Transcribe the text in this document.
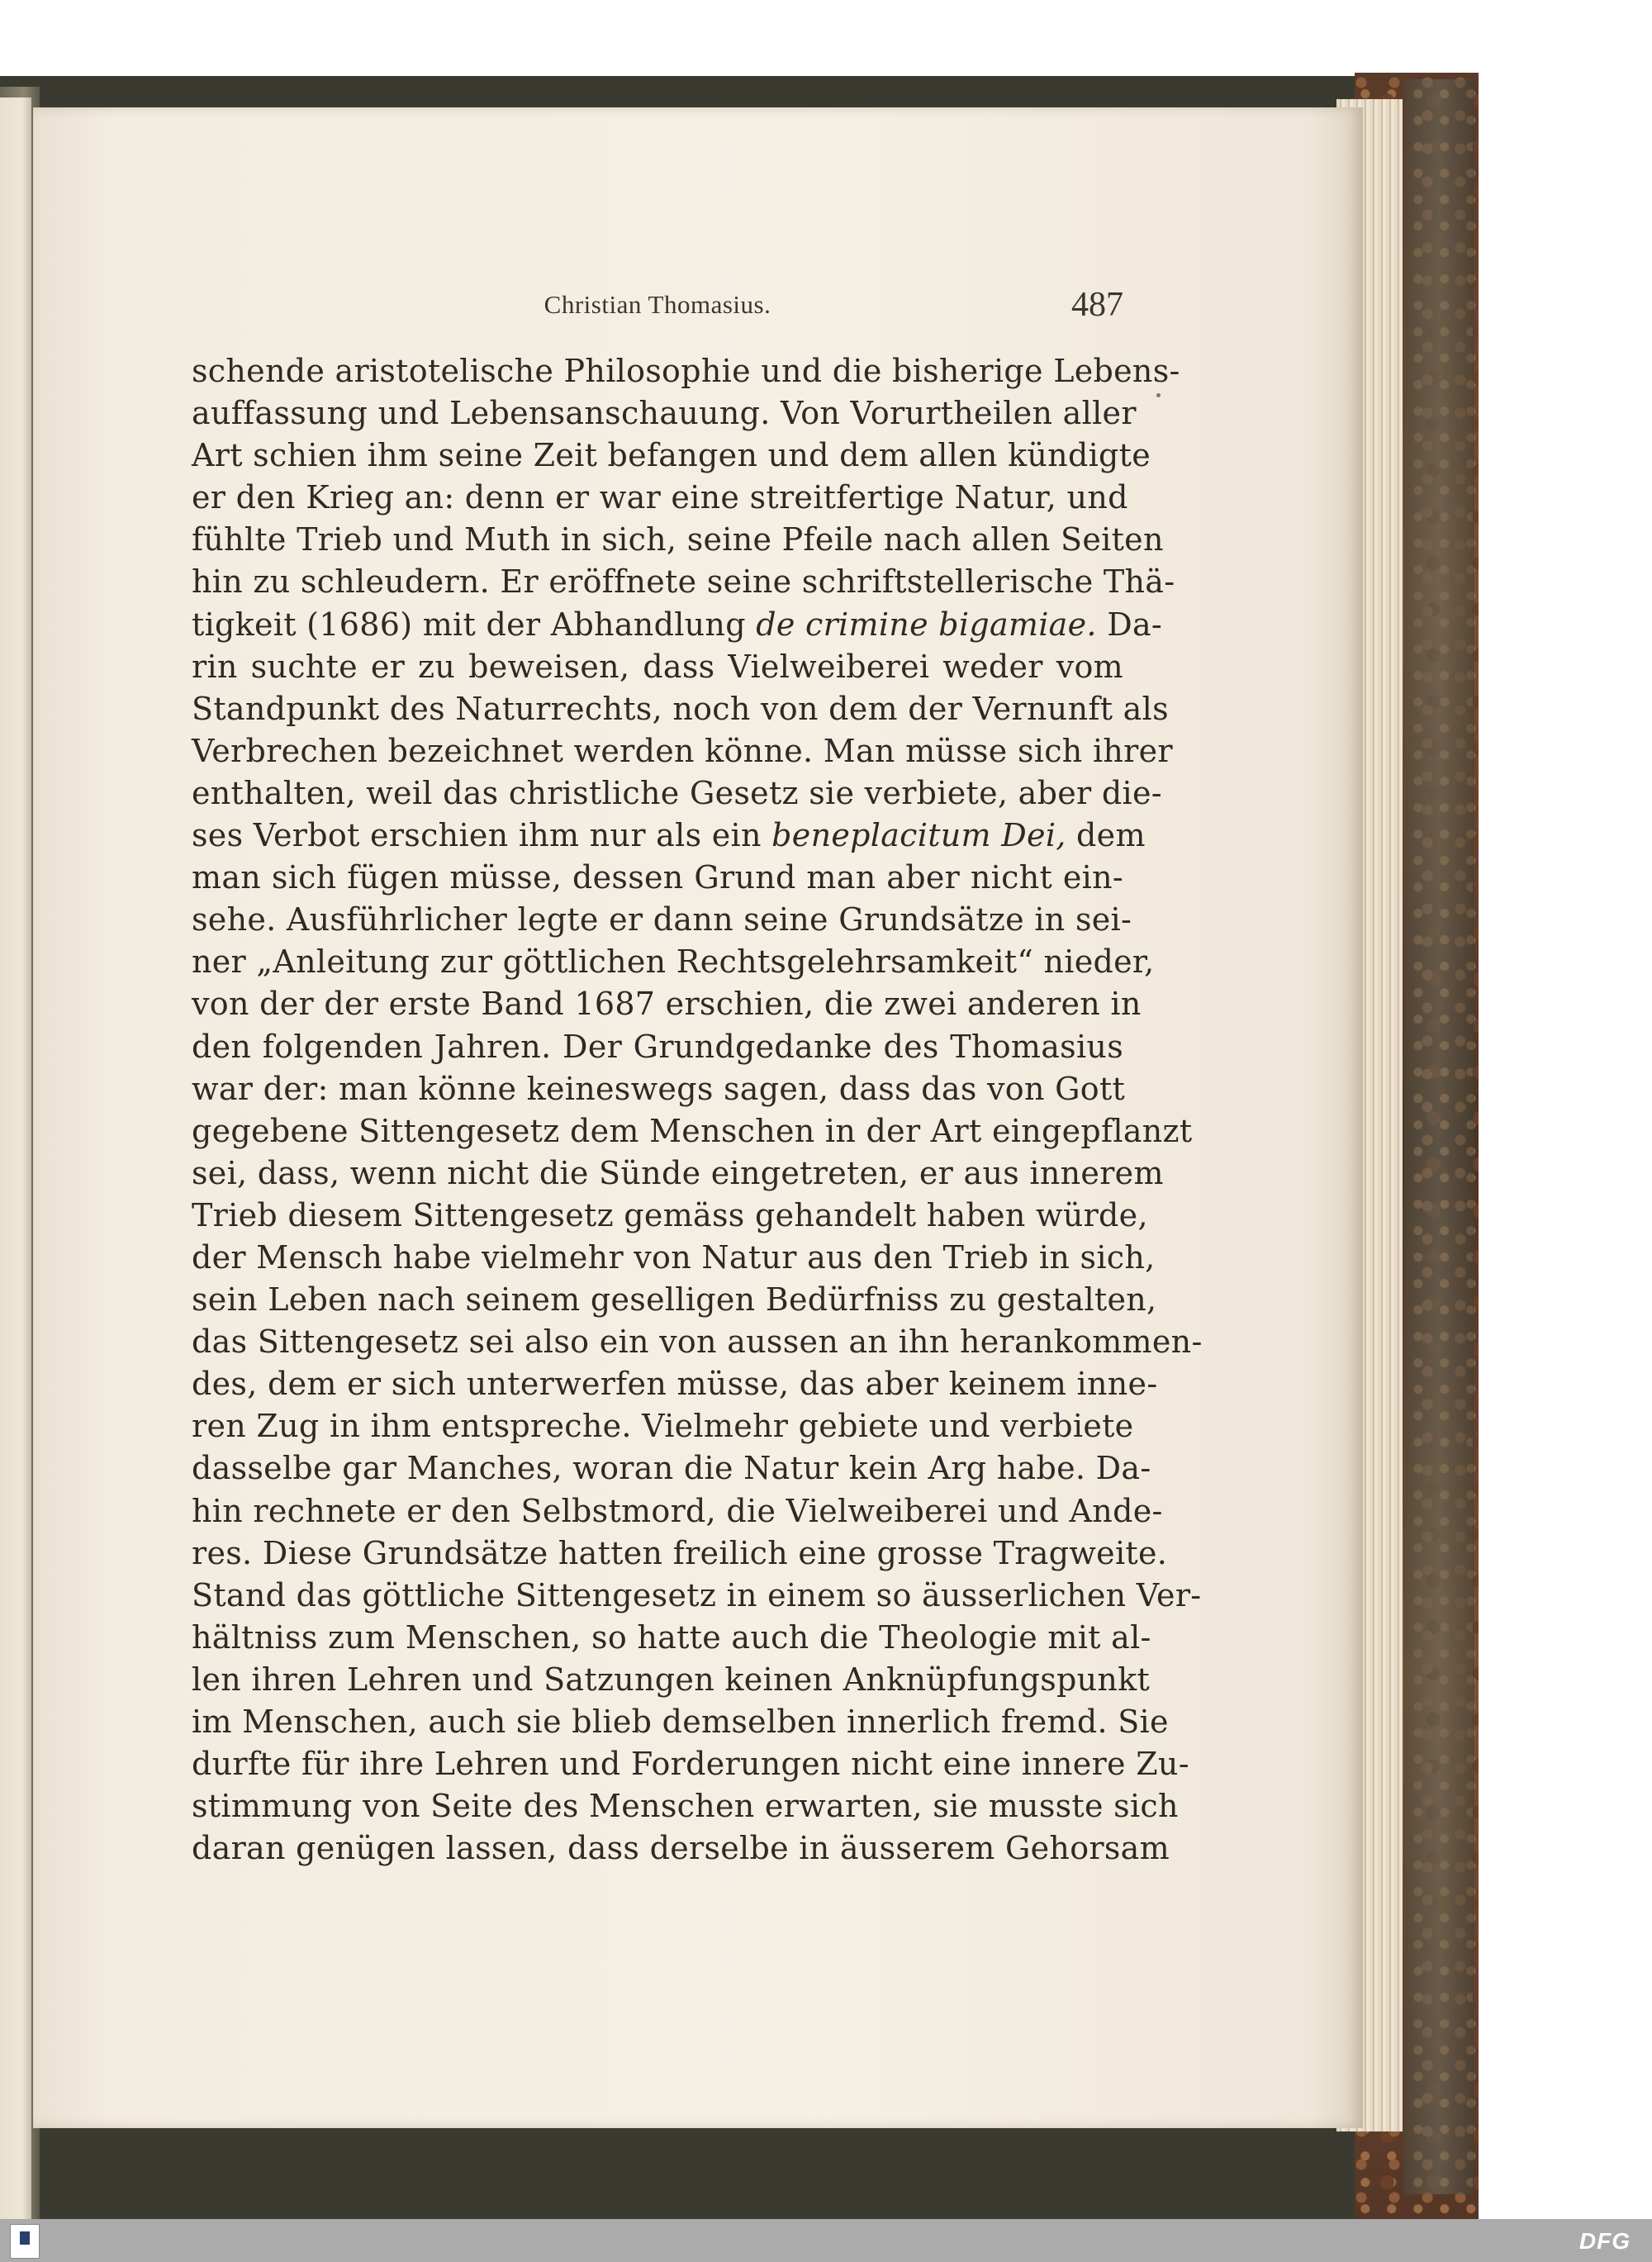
Christian Thomasius.	487
schende aristotelische Philosophie und die bisherige Lebens-
auffassung und Lebensanschauung. Von Vorurtheilen aller
Art schien ihm seine Zeit befangen und dem allen kündigte
er den Krieg an: denn er war eine streitfertige Natur, und
fühlte Trieb und Muth in sich, seine Pfeile nach allen Seiten
hin zu schleudern. Er eröffnete seine schriftstellerische Thä-
tigkeit (1686) mit der Abhandlung de crimine bigamiae. Da-
rin suchte er zu beweisen, dass Vielweiberei weder vom
Standpunkt des Naturrechts, noch von dem der Vernunft als
Verbrechen bezeichnet werden könne. Man müsse sich ihrer
enthalten, weil das christliche Gesetz sie verbiete, aber die-
ses Verbot erschien ihm nur als ein beneplacitum Dei, dem
man sich fügen müsse, dessen Grund man aber nicht ein-
sehe. Ausführlicher legte er dann seine Grundsätze in sei-
ner „Anleitung zur göttlichen Rechtsgelehrsamkeit“ nieder,
von der der erste Band 1687 erschien, die zwei anderen in
den folgenden Jahren. Der Grundgedanke des Thomasius
war der: man könne keineswegs sagen, dass das von Gott
gegebene Sittengesetz dem Menschen in der Art eingepflanzt
sei, dass, wenn nicht die Sünde eingetreten, er aus innerem
Trieb diesem Sittengesetz gemäss gehandelt haben würde,
der Mensch habe vielmehr von Natur aus den Trieb in sich,
sein Leben nach seinem geselligen Bedürfniss zu gestalten,
das Sittengesetz sei also ein von aussen an ihn herankommen-
des, dem er sich unterwerfen müsse, das aber keinem inne-
ren Zug in ihm entspreche. Vielmehr gebiete und verbiete
dasselbe gar Manches, woran die Natur kein Arg habe. Da-
hin rechnete er den Selbstmord, die Vielweiberei und Ande-
res. Diese Grundsätze hatten freilich eine grosse Tragweite.
Stand das göttliche Sittengesetz in einem so äusserlichen Ver-
hältniss zum Menschen, so hatte auch die Theologie mit al-
len ihren Lehren und Satzungen keinen Anknüpfungspunkt
im Menschen, auch sie blieb demselben innerlich fremd. Sie
durfte für ihre Lehren und Forderungen nicht eine innere Zu-
stimmung von Seite des Menschen erwarten, sie musste sich
daran genügen lassen, dass derselbe in äusserem Gehorsam
DFG
